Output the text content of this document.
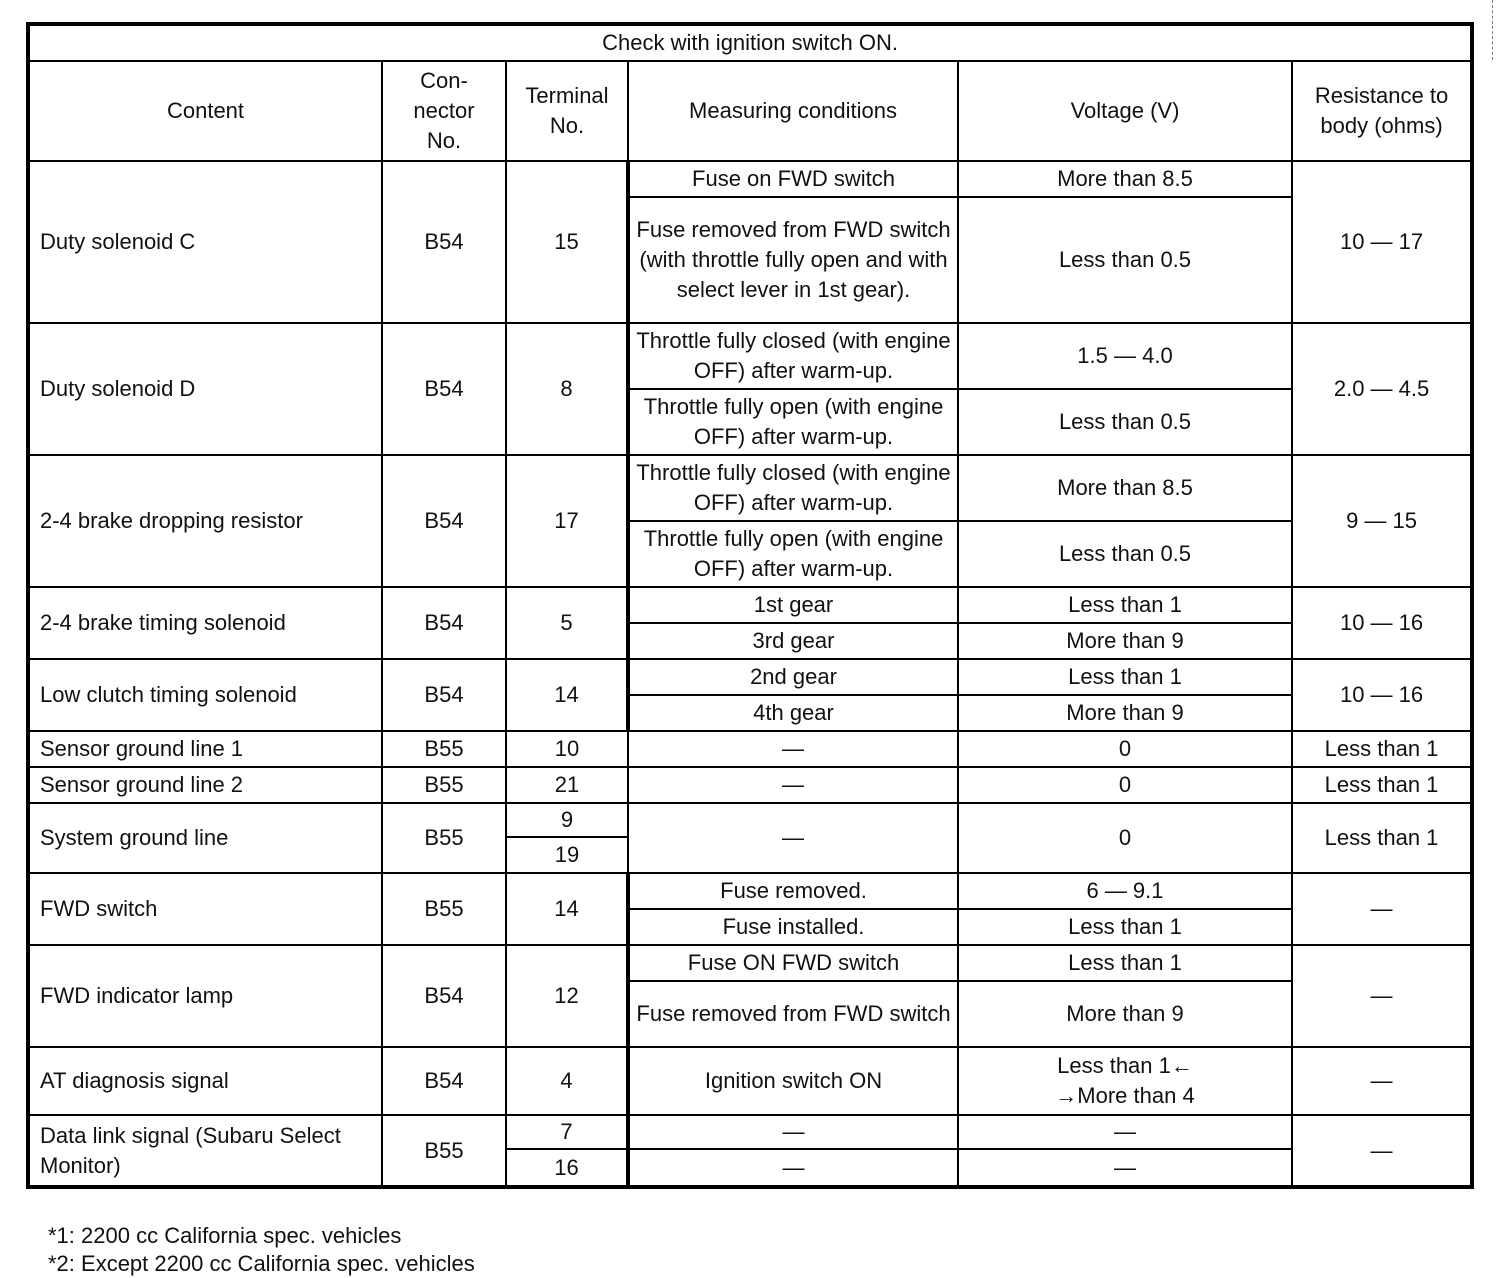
Check with ignition switch ON.					
Content	Con-
nector
No.	Terminal
No.	Measuring conditions	Voltage (V)	Resistance to
body (ohms)
Duty solenoid C	B54	15	Fuse on FWD switch	More than 8.5	10 — 17
			Fuse removed from FWD switch (with throttle fully open and with select lever in 1st gear).	Less than 0.5	
Duty solenoid D	B54	8	Throttle fully closed (with engine OFF) after warm-up.	1.5 — 4.0	2.0 — 4.5
			Throttle fully open (with engine OFF) after warm-up.	Less than 0.5	
2-4 brake dropping resistor	B54	17	Throttle fully closed (with engine OFF) after warm-up.	More than 8.5	9 — 15
			Throttle fully open (with engine OFF) after warm-up.	Less than 0.5	
2-4 brake timing solenoid	B54	5	1st gear	Less than 1	10 — 16
			3rd gear	More than 9	
Low clutch timing solenoid	B54	14	2nd gear	Less than 1	10 — 16
			4th gear	More than 9	
Sensor ground line 1	B55	10	—	0	Less than 1
Sensor ground line 2	B55	21	—	0	Less than 1
System ground line	B55	9	—	0	Less than 1
		19			
FWD switch	B55	14	Fuse removed.	6 — 9.1	—
			Fuse installed.	Less than 1	
FWD indicator lamp	B54	12	Fuse ON FWD switch	Less than 1	—
			Fuse removed from FWD switch	More than 9	
AT diagnosis signal	B54	4	Ignition switch ON	Less than 1←
→More than 4	—
Data link signal (Subaru Select Monitor)	B55	7	—	—	—
		16	—	—	
*1: 2200 cc California spec. vehicles
*2: Except 2200 cc California spec. vehicles
